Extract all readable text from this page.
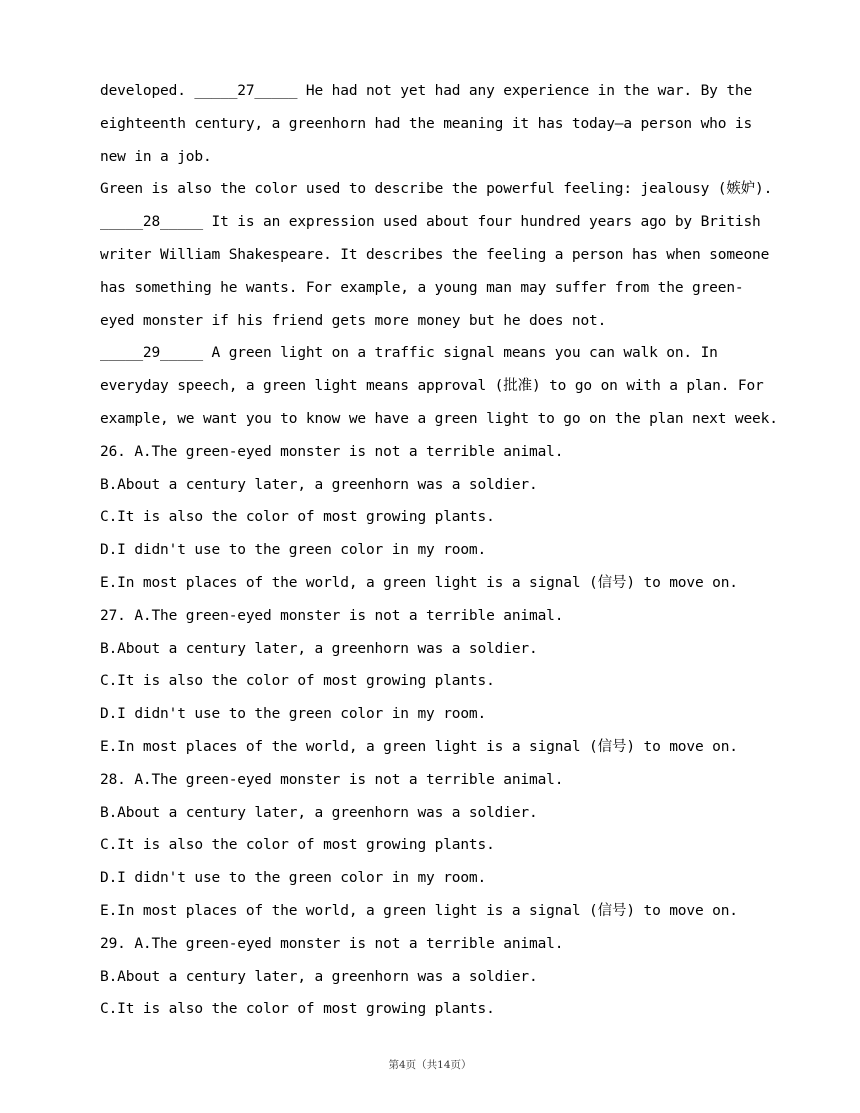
developed. _____27_____ He had not yet had any experience in the war. By the
eighteenth century, a greenhorn had the meaning it has today—a person who is
new in a job.
Green is also the color used to describe the powerful feeling: jealousy (嫉妒).
_____28_____ It is an expression used about four hundred years ago by British
writer William Shakespeare. It describes the feeling a person has when someone
has something he wants. For example, a young man may suffer from the green-
eyed monster if his friend gets more money but he does not.
_____29_____ A green light on a traffic signal means you can walk on. In
everyday speech, a green light means approval (批准) to go on with a plan. For
example, we want you to know we have a green light to go on the plan next week.
26. A.The green-eyed monster is not a terrible animal.
B.About a century later, a greenhorn was a soldier.
C.It is also the color of most growing plants.
D.I didn't use to the green color in my room.
E.In most places of the world, a green light is a signal (信号) to move on.
27. A.The green-eyed monster is not a terrible animal.
B.About a century later, a greenhorn was a soldier.
C.It is also the color of most growing plants.
D.I didn't use to the green color in my room.
E.In most places of the world, a green light is a signal (信号) to move on.
28. A.The green-eyed monster is not a terrible animal.
B.About a century later, a greenhorn was a soldier.
C.It is also the color of most growing plants.
D.I didn't use to the green color in my room.
E.In most places of the world, a green light is a signal (信号) to move on.
29. A.The green-eyed monster is not a terrible animal.
B.About a century later, a greenhorn was a soldier.
C.It is also the color of most growing plants.
第4页（共14页）
